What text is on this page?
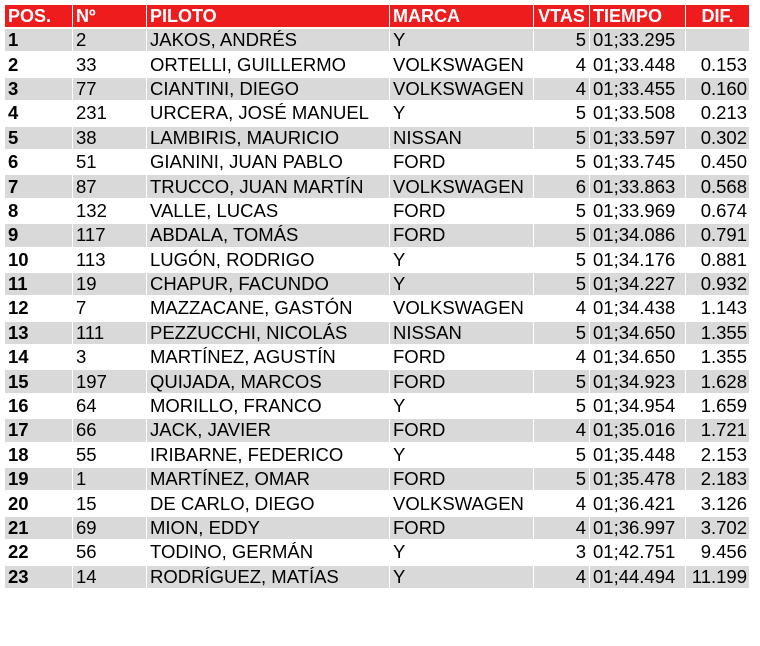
POS.	Nº	PILOTO	MARCA	VTAS	TIEMPO	DIF.
1	2	JAKOS, ANDRÉS	Y	5	01;33.295	
2	33	ORTELLI, GUILLERMO	VOLKSWAGEN	4	01;33.448	0.153
3	77	CIANTINI, DIEGO	VOLKSWAGEN	4	01;33.455	0.160
4	231	URCERA, JOSÉ MANUEL	Y	5	01;33.508	0.213
5	38	LAMBIRIS, MAURICIO	NISSAN	5	01;33.597	0.302
6	51	GIANINI, JUAN PABLO	FORD	5	01;33.745	0.450
7	87	TRUCCO, JUAN MARTÍN	VOLKSWAGEN	6	01;33.863	0.568
8	132	VALLE, LUCAS	FORD	5	01;33.969	0.674
9	117	ABDALA, TOMÁS	FORD	5	01;34.086	0.791
10	113	LUGÓN, RODRIGO	Y	5	01;34.176	0.881
11	19	CHAPUR, FACUNDO	Y	5	01;34.227	0.932
12	7	MAZZACANE, GASTÓN	VOLKSWAGEN	4	01;34.438	1.143
13	111	PEZZUCCHI, NICOLÁS	NISSAN	5	01;34.650	1.355
14	3	MARTÍNEZ, AGUSTÍN	FORD	4	01;34.650	1.355
15	197	QUIJADA, MARCOS	FORD	5	01;34.923	1.628
16	64	MORILLO, FRANCO	Y	5	01;34.954	1.659
17	66	JACK, JAVIER	FORD	4	01;35.016	1.721
18	55	IRIBARNE, FEDERICO	Y	5	01;35.448	2.153
19	1	MARTÍNEZ, OMAR	FORD	5	01;35.478	2.183
20	15	DE CARLO, DIEGO	VOLKSWAGEN	4	01;36.421	3.126
21	69	MION, EDDY	FORD	4	01;36.997	3.702
22	56	TODINO, GERMÁN	Y	3	01;42.751	9.456
23	14	RODRÍGUEZ, MATÍAS	Y	4	01;44.494	11.199
